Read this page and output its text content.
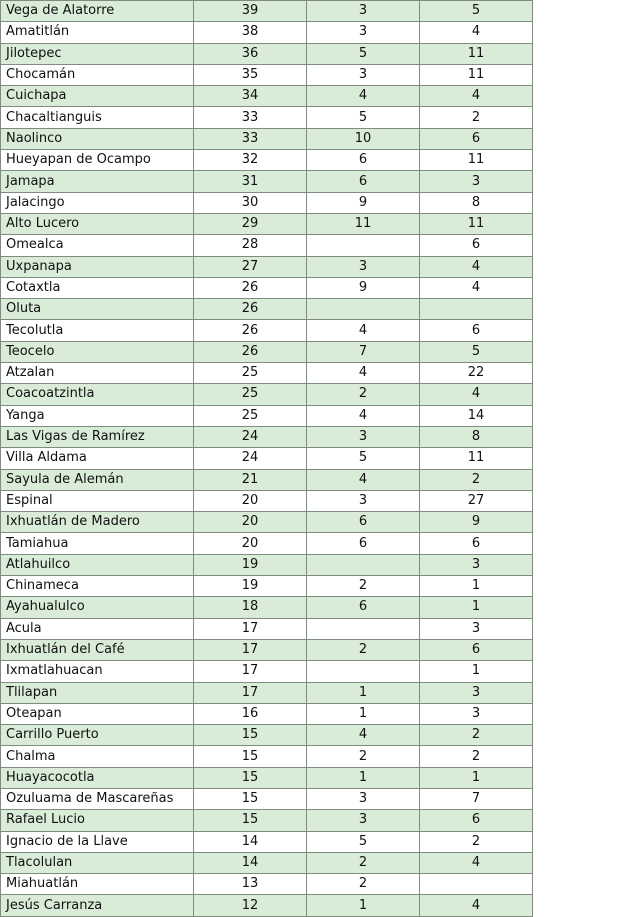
Vega de Alatorre	39	3	5
Amatitlán	38	3	4
Jilotepec	36	5	11
Chocamán	35	3	11
Cuichapa	34	4	4
Chacaltianguis	33	5	2
Naolinco	33	10	6
Hueyapan de Ocampo	32	6	11
Jamapa	31	6	3
Jalacingo	30	9	8
Alto Lucero	29	11	11
Omealca	28		6
Uxpanapa	27	3	4
Cotaxtla	26	9	4
Oluta	26		
Tecolutla	26	4	6
Teocelo	26	7	5
Atzalan	25	4	22
Coacoatzintla	25	2	4
Yanga	25	4	14
Las Vigas de Ramírez	24	3	8
Villa Aldama	24	5	11
Sayula de Alemán	21	4	2
Espinal	20	3	27
Ixhuatlán de Madero	20	6	9
Tamiahua	20	6	6
Atlahuilco	19		3
Chinameca	19	2	1
Ayahualulco	18	6	1
Acula	17		3
Ixhuatlán del Café	17	2	6
Ixmatlahuacan	17		1
Tlilapan	17	1	3
Oteapan	16	1	3
Carrillo Puerto	15	4	2
Chalma	15	2	2
Huayacocotla	15	1	1
Ozuluama de Mascareñas	15	3	7
Rafael Lucio	15	3	6
Ignacio de la Llave	14	5	2
Tlacolulan	14	2	4
Miahuatlán	13	2	
Jesús Carranza	12	1	4
